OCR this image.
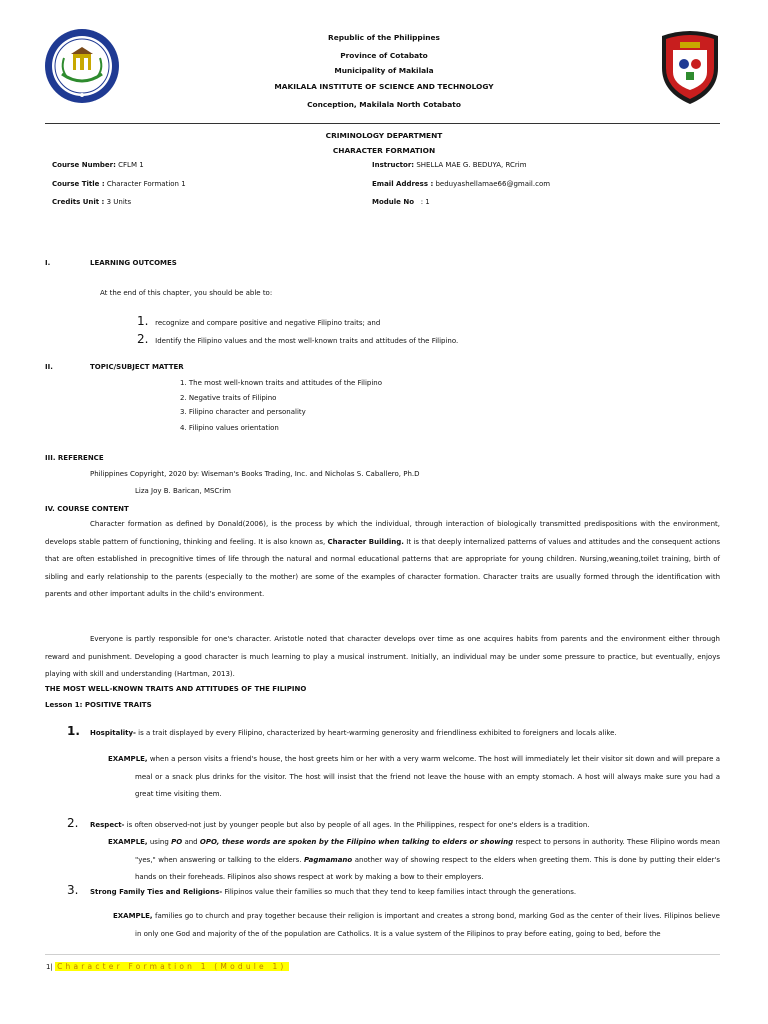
Republic of the Philippines
Province of Cotabato
Municipality of Makilala
MAKILALA INSTITUTE OF SCIENCE AND TECHNOLOGY
Conception, Makilala North Cotabato
CRIMINOLOGY DEPARTMENT
CHARACTER FORMATION
Course Number: CFLM 1
Course Title : Character Formation 1
Credits Unit : 3 Units
Instructor: SHELLA MAE G. BEDUYA, RCrim
Email Address : beduyashellamae66@gmail.com
Module No : 1
I.	LEARNING OUTCOMES
At the end of this chapter, you should be able to:
1. recognize and compare positive and negative Filipino traits; and
2. Identify the Filipino values and the most well-known traits and attitudes of the Filipino.
II.	TOPIC/SUBJECT MATTER
1. The most well-known traits and attitudes of the Filipino
2. Negative traits of Filipino
3. Filipino character and personality
4. Filipino values orientation
III. REFERENCE
Philippines Copyright, 2020 by: Wiseman's Books Trading, Inc. and Nicholas S. Caballero, Ph.D
Liza Joy B. Barican, MSCrim
IV. COURSE CONTENT
Character formation as defined by Donald(2006), is the process by which the individual, through interaction of biologically transmitted predispositions with the environment, develops stable pattern of functioning, thinking and feeling. It is also known as, Character Building. It is that deeply internalized patterns of values and attitudes and the consequent actions that are often established in precognitive times of life through the natural and normal educational patterns that are appropriate for young children. Nursing,weaning,toilet training, birth of sibling and early relationship to the parents (especially to the mother) are some of the examples of character formation. Character traits are usually formed through the identification with parents and other important adults in the child's environment.
Everyone is partly responsible for one's character. Aristotle noted that character develops over time as one acquires habits from parents and the environment either through reward and punishment. Developing a good character is much learning to play a musical instrument. Initially, an individual may be under some pressure to practice, but eventually, enjoys playing with skill and understanding (Hartman, 2013).
THE MOST WELL-KNOWN TRAITS AND ATTITUDES OF THE FILIPINO
Lesson 1: POSITIVE TRAITS
1. Hospitality- is a trait displayed by every Filipino, characterized by heart-warming generosity and friendliness exhibited to foreigners and locals alike.
EXAMPLE, when a person visits a friend's house, the host greets him or her with a very warm welcome. The host will immediately let their visitor sit down and will prepare a meal or a snack plus drinks for the visitor. The host will insist that the friend not leave the house with an empty stomach. A host will always make sure you had a great time visiting them.
2. Respect- is often observed-not just by younger people but also by people of all ages. In the Philippines, respect for one's elders is a tradition.
EXAMPLE, using PO and OPO, these words are spoken by the Filipino when talking to elders or showing respect to persons in authority. These Filipino words mean "yes," when answering or talking to the elders. Pagmamano another way of showing respect to the elders when greeting them. This is done by putting their elder's hands on their foreheads. Filipinos also shows respect at work by making a bow to their employers.
3. Strong Family Ties and Religions- Filipinos value their families so much that they tend to keep families intact through the generations.
EXAMPLE, families go to church and pray together because their religion is important and creates a strong bond, marking God as the center of their lives. Filipinos believe in only one God and majority of the of the population are Catholics. It is a value system of the Filipinos to pray before eating, going to bed, before the
1| Character Formation 1 (Module 1)
